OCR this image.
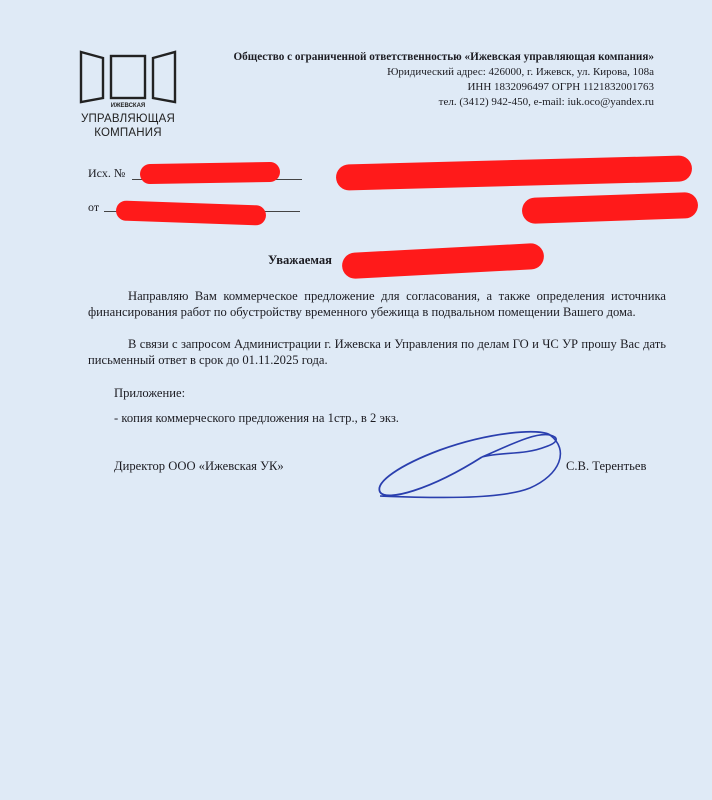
ИЖЕВСКАЯ
УПРАВЛЯЮЩАЯ
КОМПАНИЯ
Общество с ограниченной ответственностью «Ижевская управляющая компания»
Юридический адрес: 426000, г. Ижевск, ул. Кирова, 108а
ИНН 1832096497 ОГРН 1121832001763
тел. (3412) 942-450, e-mail: iuk.oco@yandex.ru
Исх. №
от
Уважаемая
Направляю Вам коммерческое предложение для согласования, а также определения источника финансирования работ по обустройству временного убежища в подвальном помещении Вашего дома.
В связи с запросом Администрации г. Ижевска и Управления по делам ГО и ЧС УР прошу Вас дать письменный ответ в срок до 01.11.2025 года.
Приложение:
- копия коммерческого предложения на 1стр., в 2 экз.
Директор ООО «Ижевская УК»	С.В. Терентьев
